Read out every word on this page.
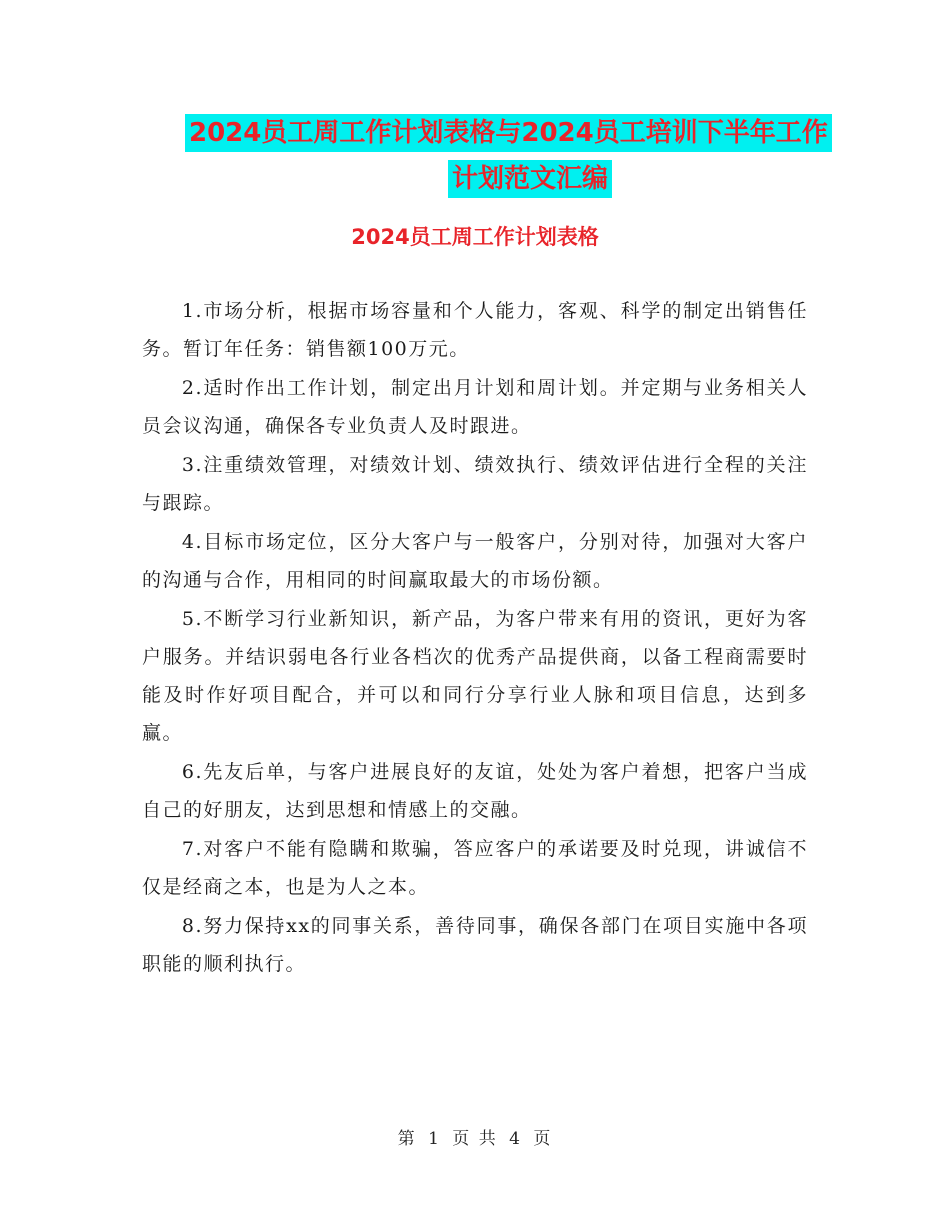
2024员工周工作计划表格与2024员工培训下半年工作
计划范文汇编
2024员工周工作计划表格

1.市场分析，根据市场容量和个人能力，客观、科学的制定出销售任务。暂订年任务：销售额100万元。

2.适时作出工作计划，制定出月计划和周计划。并定期与业务相关人员会议沟通，确保各专业负责人及时跟进。

3.注重绩效管理，对绩效计划、绩效执行、绩效评估进行全程的关注与跟踪。

4.目标市场定位，区分大客户与一般客户，分别对待，加强对大客户的沟通与合作，用相同的时间赢取最大的市场份额。

5.不断学习行业新知识，新产品，为客户带来有用的资讯，更好为客户服务。并结识弱电各行业各档次的优秀产品提供商，以备工程商需要时能及时作好项目配合，并可以和同行分享行业人脉和项目信息，达到多赢。

6.先友后单，与客户进展良好的友谊，处处为客户着想，把客户当成自己的好朋友，达到思想和情感上的交融。

7.对客户不能有隐瞒和欺骗，答应客户的承诺要及时兑现，讲诚信不仅是经商之本，也是为人之本。

8.努力保持xx的同事关系，善待同事，确保各部门在项目实施中各项职能的顺利执行。

第 1 页 共 4 页
